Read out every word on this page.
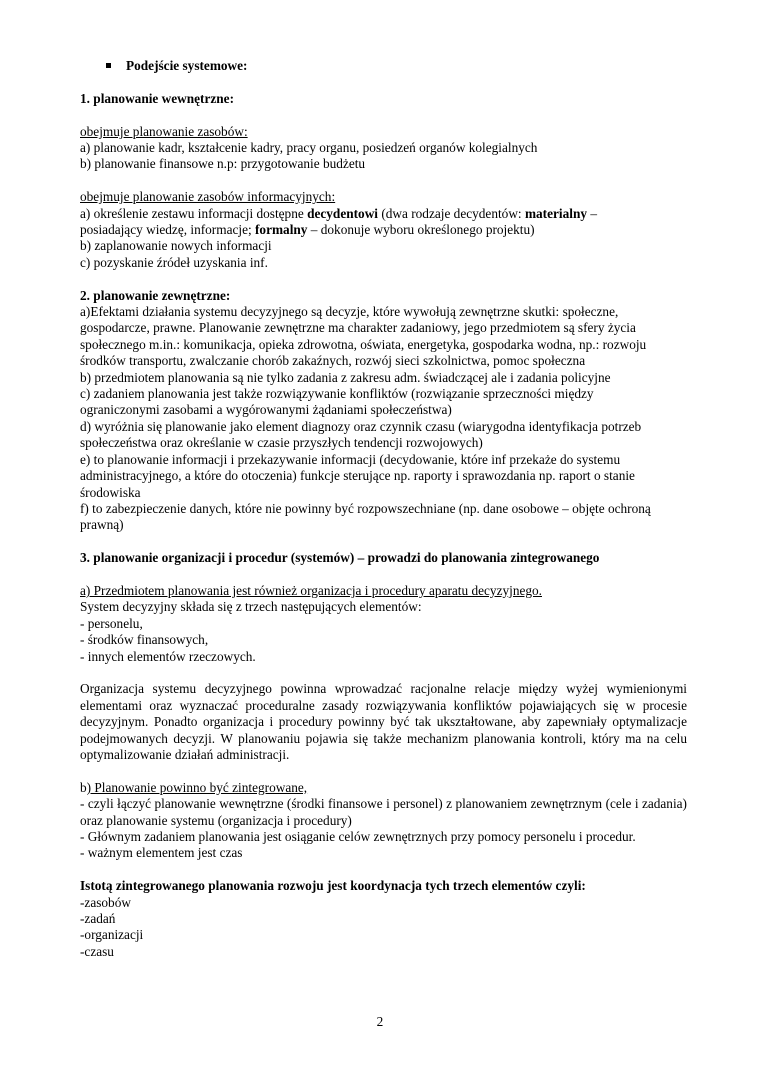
Podejście systemowe:
1. planowanie wewnętrzne:
obejmuje planowanie zasobów:
a) planowanie kadr, kształcenie kadry, pracy organu, posiedzeń organów kolegialnych
b) planowanie finansowe n.p: przygotowanie budżetu
obejmuje planowanie zasobów informacyjnych:
a) określenie zestawu informacji dostępne decydentowi (dwa rodzaje decydentów: materialny –
posiadający wiedzę, informacje; formalny – dokonuje wyboru określonego projektu)
b) zaplanowanie nowych informacji
c) pozyskanie źródeł uzyskania inf.
2. planowanie zewnętrzne:
a)Efektami działania systemu decyzyjnego są decyzje, które wywołują zewnętrzne skutki: społeczne,
gospodarcze, prawne. Planowanie zewnętrzne ma charakter zadaniowy, jego przedmiotem są sfery życia
społecznego m.in.: komunikacja, opieka zdrowotna, oświata, energetyka, gospodarka wodna, np.: rozwoju
środków transportu, zwalczanie chorób zakaźnych, rozwój sieci szkolnictwa, pomoc społeczna
b) przedmiotem planowania są nie tylko zadania z zakresu adm. świadczącej ale i zadania policyjne
c) zadaniem planowania jest także rozwiązywanie konfliktów (rozwiązanie sprzeczności między
ograniczonymi zasobami a wygórowanymi żądaniami społeczeństwa)
d) wyróżnia się planowanie jako element diagnozy oraz czynnik czasu (wiarygodna identyfikacja potrzeb
społeczeństwa oraz określanie w czasie przyszłych tendencji rozwojowych)
e) to planowanie informacji i przekazywanie informacji (decydowanie, które inf przekaże do systemu
administracyjnego, a które do otoczenia) funkcje sterujące np. raporty i sprawozdania np. raport o stanie
środowiska
f) to zabezpieczenie danych, które nie powinny być rozpowszechniane (np. dane osobowe – objęte ochroną
prawną)
3. planowanie organizacji i procedur (systemów) – prowadzi do planowania zintegrowanego
a) Przedmiotem planowania jest również organizacja i procedury aparatu decyzyjnego.
System decyzyjny składa się z trzech następujących elementów:
- personelu,
- środków finansowych,
- innych elementów rzeczowych.
Organizacja systemu decyzyjnego powinna wprowadzać racjonalne relacje między wyżej wymienionymi elementami oraz wyznaczać proceduralne zasady rozwiązywania konfliktów pojawiających się w procesie decyzyjnym. Ponadto organizacja i procedury powinny być tak ukształtowane, aby zapewniały optymalizacje podejmowanych decyzji. W planowaniu pojawia się także mechanizm planowania kontroli, który ma na celu optymalizowanie działań administracji.
b) Planowanie powinno być zintegrowane,
- czyli łączyć planowanie wewnętrzne (środki finansowe i personel) z planowaniem zewnętrznym (cele i zadania) oraz planowanie systemu (organizacja i procedury)
- Głównym zadaniem planowania jest osiąganie celów zewnętrznych przy pomocy personelu i procedur.
- ważnym elementem jest czas
Istotą zintegrowanego planowania rozwoju jest koordynacja tych trzech elementów czyli:
-zasobów
-zadań
-organizacji
-czasu
2
